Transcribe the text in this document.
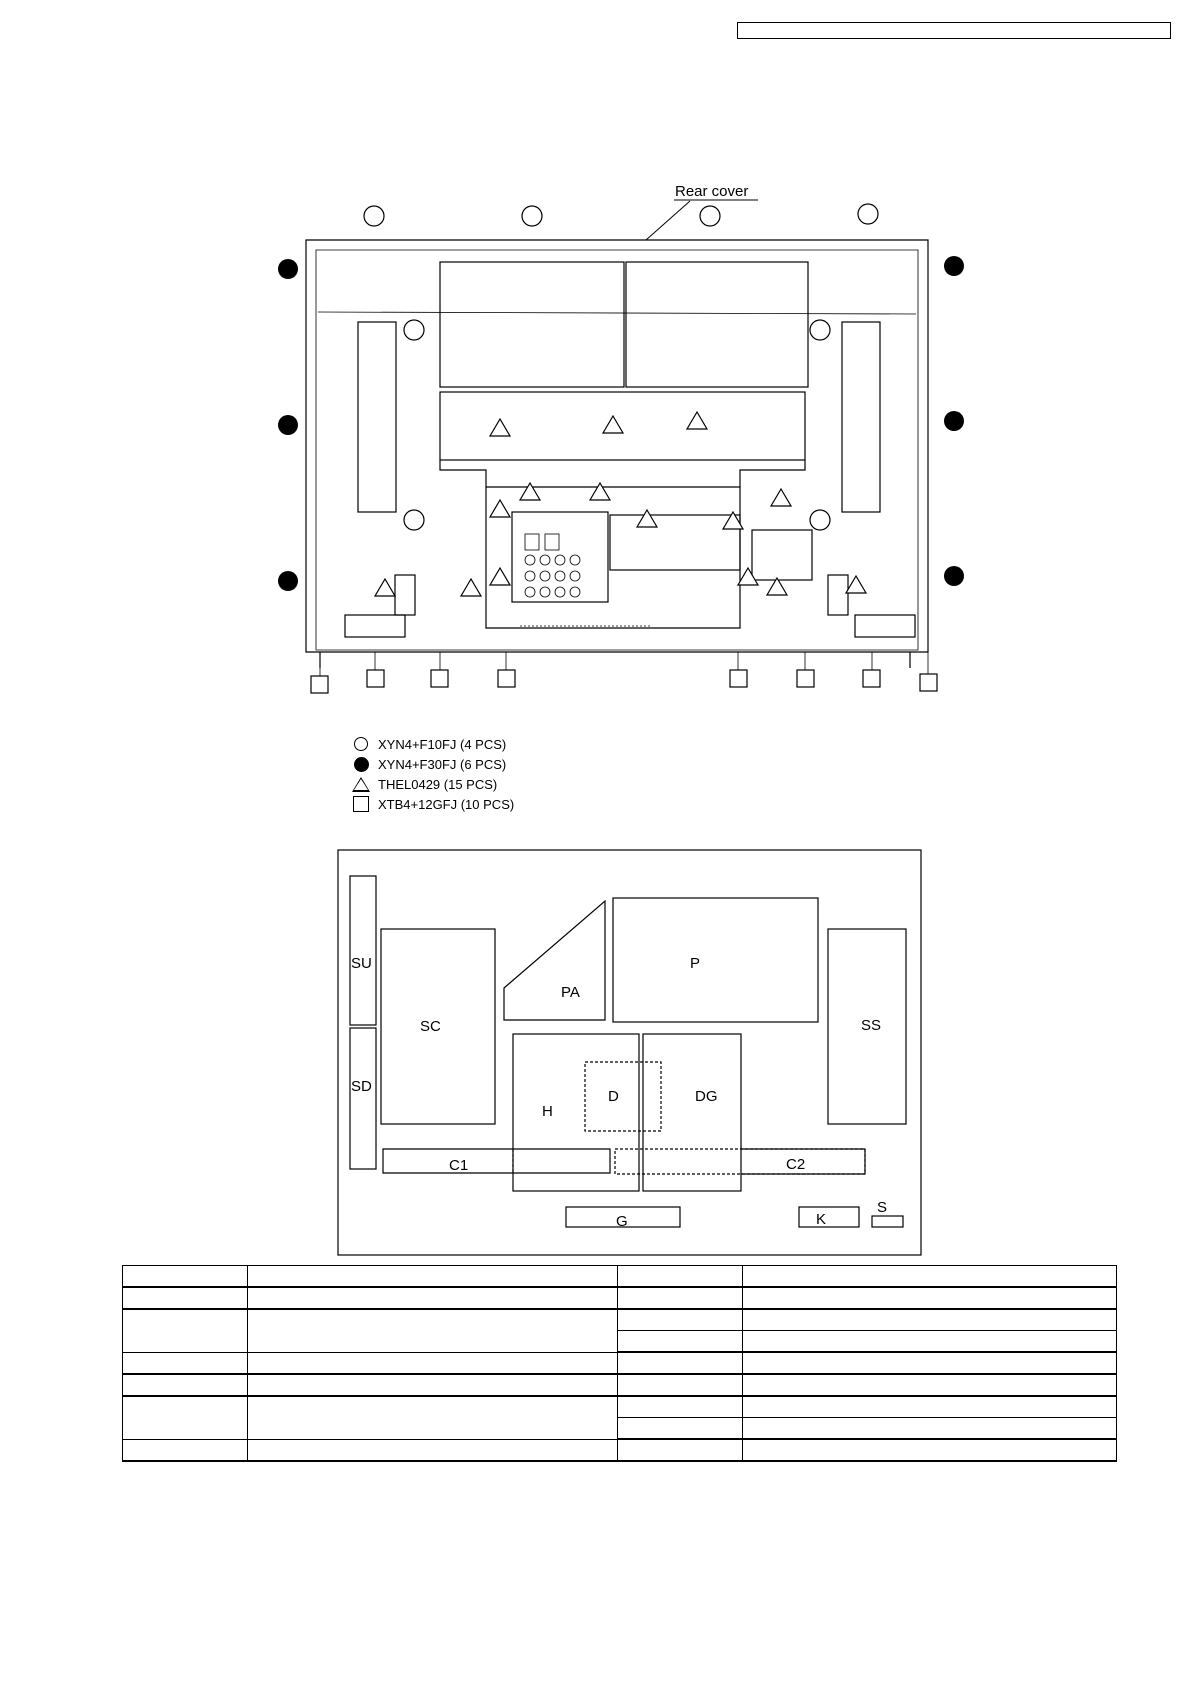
Rear cover
SU
SD
SC
PA
P
SS
H
D	DG
C1	C2
G	K
S
XYN4+F10FJ (4 PCS)
XYN4+F30FJ (6 PCS)
THEL0429 (15 PCS)
XTB4+12GFJ (10 PCS)
